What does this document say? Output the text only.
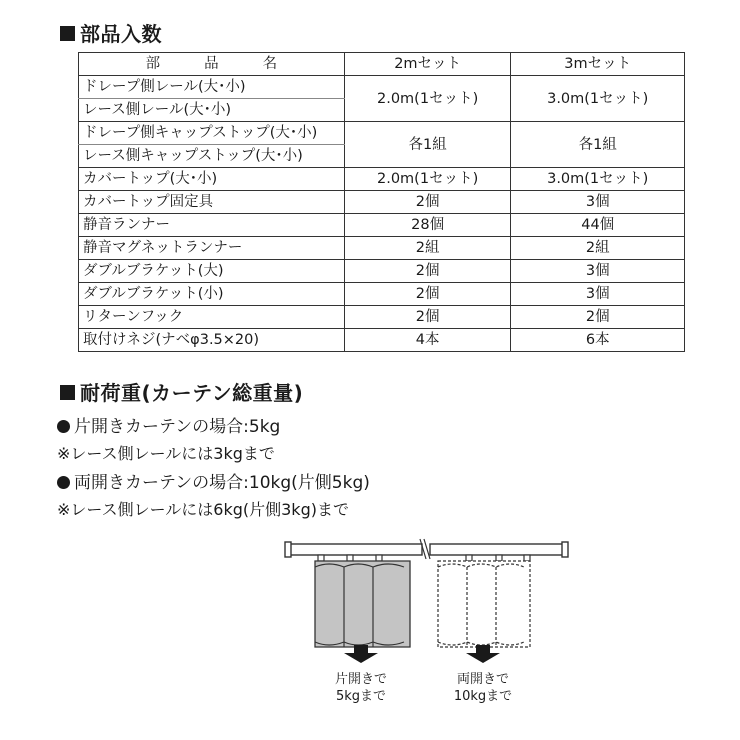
部品入数
部 品 名	2mセット	3mセット
ドレープ側レール(大･小)	2.0m(1セット)	3.0m(1セット)
レース側レール(大･小)		
ドレープ側キャップストップ(大･小)	各1組	各1組
レース側キャップストップ(大･小)		
カバートップ(大･小)	2.0m(1セット)	3.0m(1セット)
カバートップ固定具	2個	3個
静音ランナー	28個	44個
静音マグネットランナー	2組	2組
ダブルブラケット(大)	2個	3個
ダブルブラケット(小)	2個	3個
リターンフック	2個	2個
取付けネジ(ナベφ3.5×20)	4本	6本
耐荷重(カーテン総重量)
片開きカーテンの場合:5kg
※レース側レールには3kgまで
両開きカーテンの場合:10kg(片側5kg)
※レース側レールには6kg(片側3kg)まで
片開きで
5kgまで
両開きで
10kgまで
